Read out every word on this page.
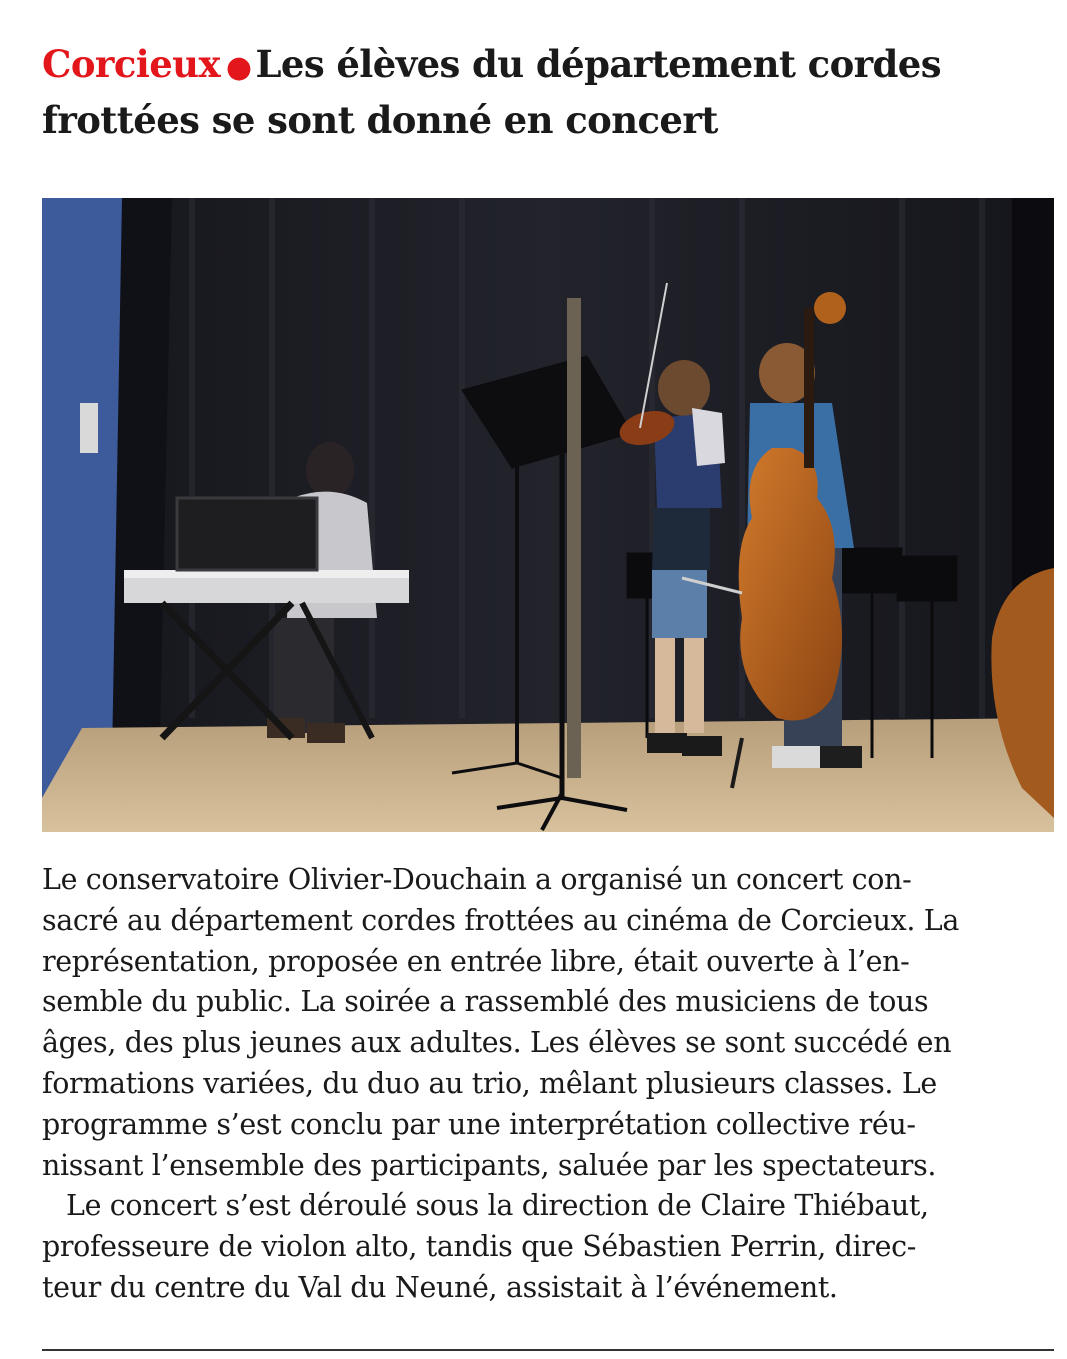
Corcieux ● Les élèves du département cordes
frottées se sont donné en concert

Le conservatoire Olivier-Douchain a organisé un concert con-
sacré au département cordes frottées au cinéma de Corcieux. La
représentation, proposée en entrée libre, était ouverte à l’en-
semble du public. La soirée a rassemblé des musiciens de tous
âges, des plus jeunes aux adultes. Les élèves se sont succédé en
formations variées, du duo au trio, mêlant plusieurs classes. Le
programme s’est conclu par une interprétation collective réu-
nissant l’ensemble des participants, saluée par les spectateurs.
Le concert s’est déroulé sous la direction de Claire Thiébaut,
professeure de violon alto, tandis que Sébastien Perrin, direc-
teur du centre du Val du Neuné, assistait à l’événement.
